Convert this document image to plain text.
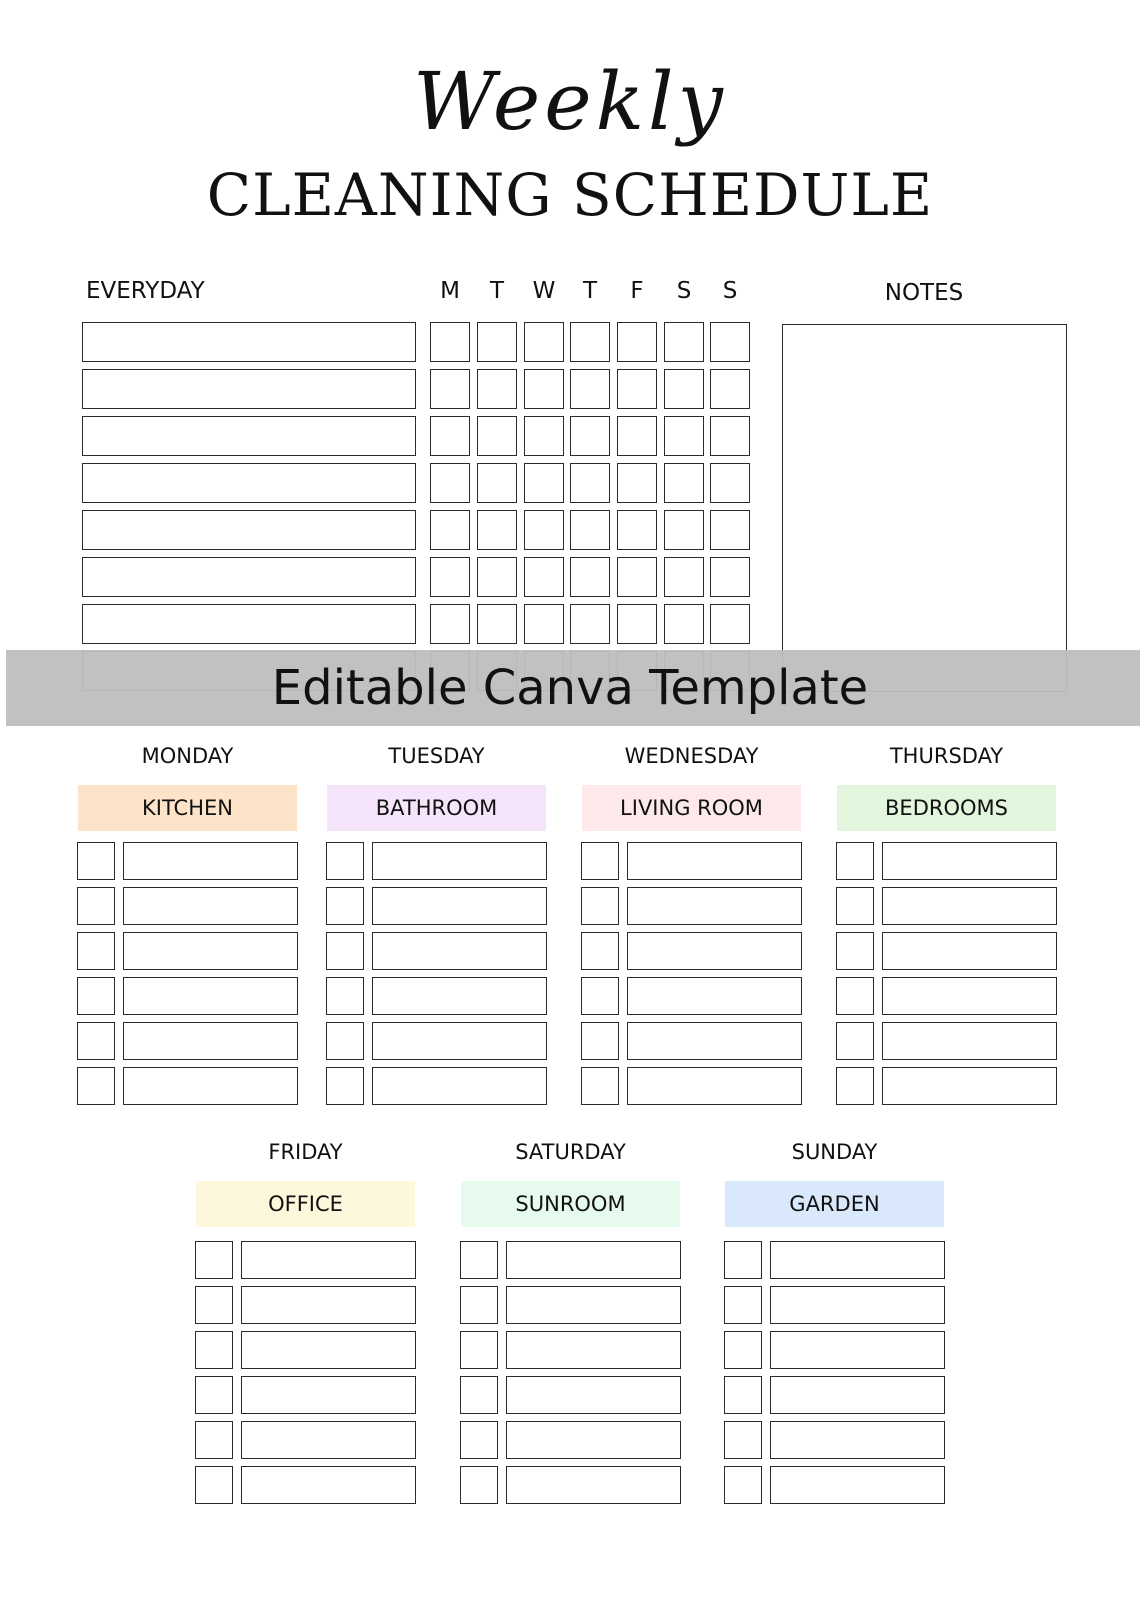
Weekly
CLEANING SCHEDULE
EVERYDAY	M	T	W	T	F	S	S	NOTES
MONDAY
KITCHEN
TUESDAY
BATHROOM
WEDNESDAY
LIVING ROOM
THURSDAY
BEDROOMS
FRIDAY
OFFICE
SATURDAY
SUNROOM
SUNDAY
GARDEN
Editable Canva Template
